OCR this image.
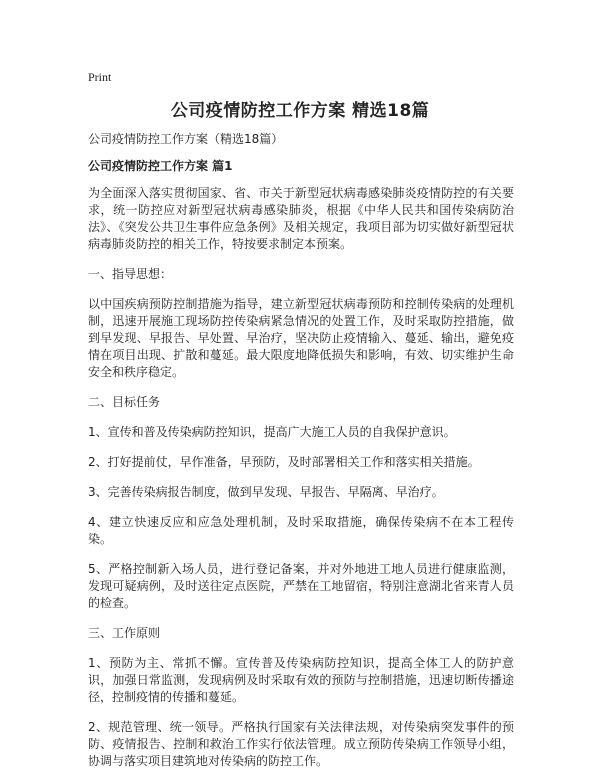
Print
公司疫情防控工作方案 精选18篇

公司疫情防控工作方案（精选18篇）

公司疫情防控工作方案 篇1

为全面深入落实贯彻国家、省、市关于新型冠状病毒感染肺炎疫情防控的有关要求，统一防控应对新型冠状病毒感染肺炎，根据《中华人民共和国传染病防治法》、《突发公共卫生事件应急条例》及相关规定，我项目部为切实做好新型冠状病毒肺炎防控的相关工作，特按要求制定本预案。

一、指导思想：

以中国疾病预防控制措施为指导，建立新型冠状病毒预防和控制传染病的处理机制，迅速开展施工现场防控传染病紧急情况的处置工作，及时采取防控措施，做到早发现、早报告、早处置、早治疗，坚决防止疫情输入、蔓延、输出，避免疫情在项目出现、扩散和蔓延。最大限度地降低损失和影响，有效、切实维护生命安全和秩序稳定。

二、目标任务

1、宣传和普及传染病防控知识，提高广大施工人员的自我保护意识。

2、打好提前仗，早作准备，早预防，及时部署相关工作和落实相关措施。

3、完善传染病报告制度，做到早发现、早报告、早隔离、早治疗。

4、建立快速反应和应急处理机制，及时采取措施，确保传染病不在本工程传染。

5、严格控制新入场人员，进行登记备案，并对外地进工地人员进行健康监测，发现可疑病例，及时送往定点医院，严禁在工地留宿，特别注意湖北省来青人员的检查。

三、工作原则

1、预防为主、常抓不懈。宣传普及传染病防控知识，提高全体工人的防护意识，加强日常监测，发现病例及时采取有效的预防与控制措施，迅速切断传播途径，控制疫情的传播和蔓延。

2、规范管理、统一领导。严格执行国家有关法律法规，对传染病突发事件的预防、疫情报告、控制和救治工作实行依法管理。成立预防传染病工作领导小组，协调与落实项目建筑地对传染病的防控工作。
